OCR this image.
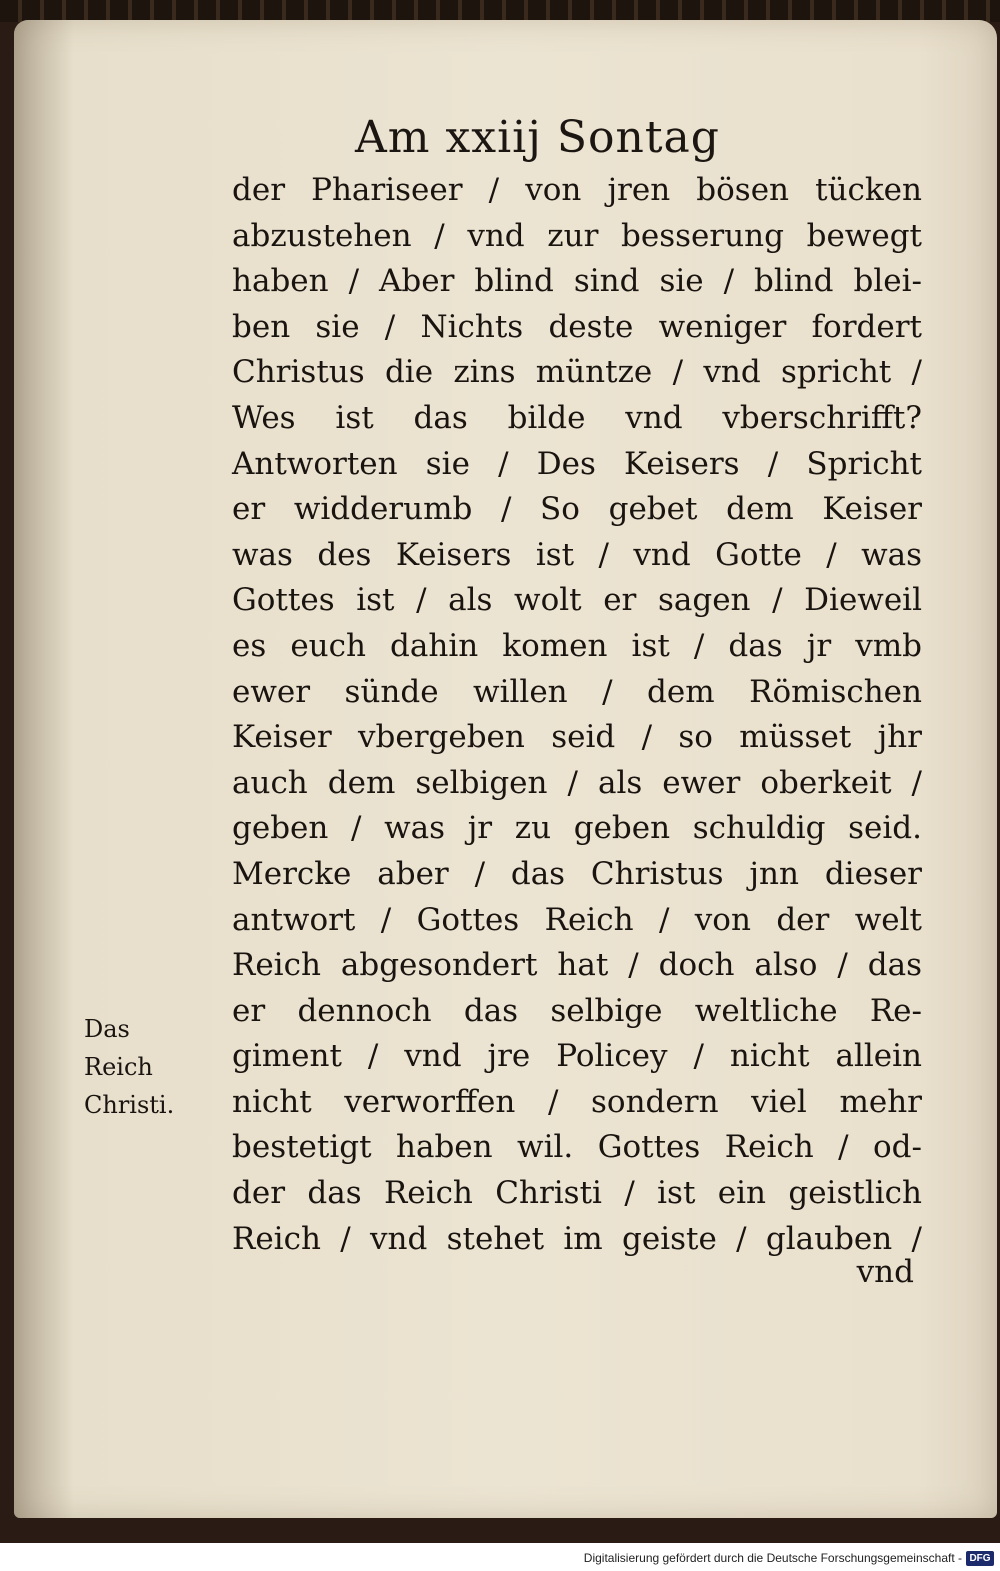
Am xxiij Sontag
der Phariseer / von jren bösen tücken
abzustehen / vnd zur besserung bewegt
haben / Aber blind sind sie / blind blei-
ben sie / Nichts deste weniger fordert
Christus die zins müntze / vnd spricht /
Wes ist das bilde vnd vberschrifft?
Antworten sie / Des Keisers / Spricht
er widderumb / So gebet dem Keiser
was des Keisers ist / vnd Gotte / was
Gottes ist / als wolt er sagen / Dieweil
es euch dahin komen ist / das jr vmb
ewer sünde willen / dem Römischen
Keiser vbergeben seid / so müsset jhr
auch dem selbigen / als ewer oberkeit /
geben / was jr zu geben schuldig seid.
Mercke aber / das Christus jnn dieser
antwort / Gottes Reich / von der welt
Reich abgesondert hat / doch also / das
er dennoch das selbige weltliche Re-
giment / vnd jre Policey / nicht allein
nicht verworffen / sondern viel mehr
bestetigt haben wil. Gottes Reich / od-
der das Reich Christi / ist ein geistlich
Reich / vnd stehet im geiste / glauben /

vnd

Das
Reich
Christi.
Digitalisierung gefördert durch die Deutsche Forschungsgemeinschaft - DFG
